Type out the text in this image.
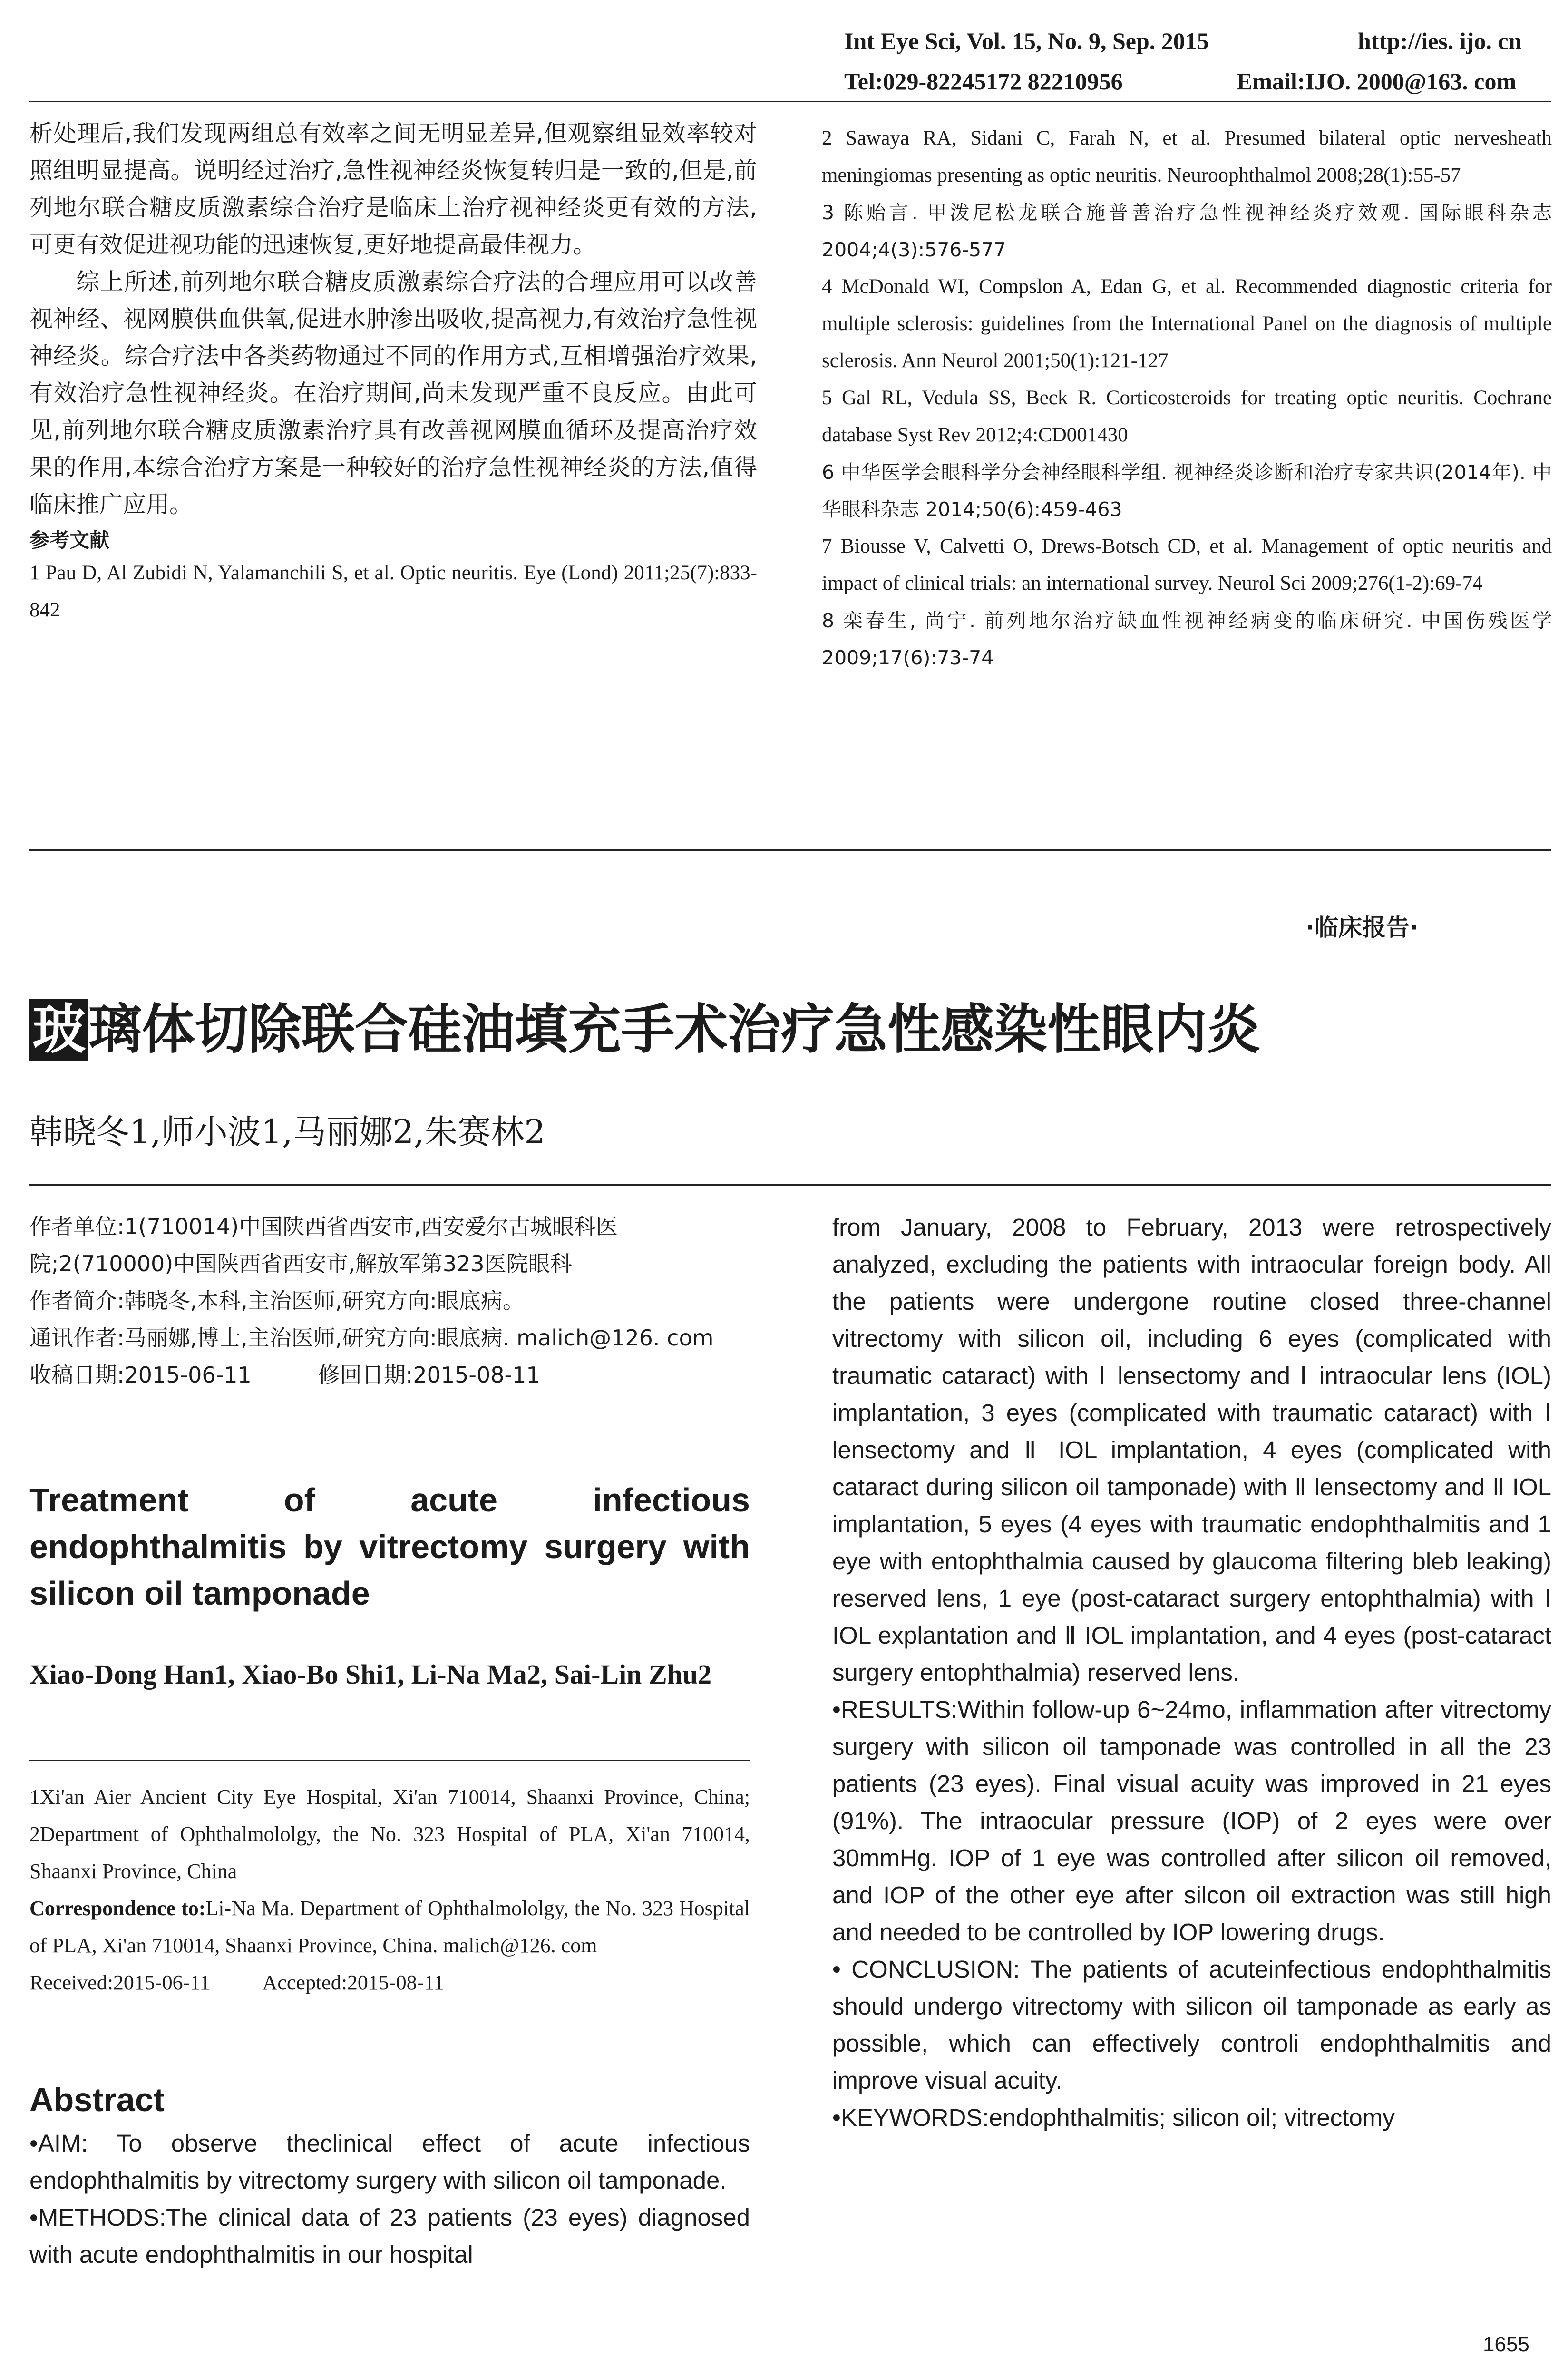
Int Eye Sci, Vol. 15, No. 9, Sep. 2015	http://ies. ijo. cn
Tel:029-82245172 82210956	Email:IJO. 2000@163. com

析处理后,我们发现两组总有效率之间无明显差异,但观察组显效率较对照组明显提高。说明经过治疗,急性视神经炎恢复转归是一致的,但是,前列地尔联合糖皮质激素综合治疗是临床上治疗视神经炎更有效的方法,可更有效促进视功能的迅速恢复,更好地提高最佳视力。

综上所述,前列地尔联合糖皮质激素综合疗法的合理应用可以改善视神经、视网膜供血供氧,促进水肿渗出吸收,提高视力,有效治疗急性视神经炎。综合疗法中各类药物通过不同的作用方式,互相增强治疗效果,有效治疗急性视神经炎。在治疗期间,尚未发现严重不良反应。由此可见,前列地尔联合糖皮质激素治疗具有改善视网膜血循环及提高治疗效果的作用,本综合治疗方案是一种较好的治疗急性视神经炎的方法,值得临床推广应用。

参考文献

1 Pau D, Al Zubidi N, Yalamanchili S, et al. Optic neuritis. Eye (Lond) 2011;25(7):833-842

2 Sawaya RA, Sidani C, Farah N, et al. Presumed bilateral optic nervesheath meningiomas presenting as optic neuritis. Neuroophthalmol 2008;28(1):55-57

3 陈贻言. 甲泼尼松龙联合施普善治疗急性视神经炎疗效观. 国际眼科杂志 2004;4(3):576-577

4 McDonald WI, Compslon A, Edan G, et al. Recommended diagnostic criteria for multiple sclerosis: guidelines from the International Panel on the diagnosis of multiple sclerosis. Ann Neurol 2001;50(1):121-127

5 Gal RL, Vedula SS, Beck R. Corticosteroids for treating optic neuritis. Cochrane database Syst Rev 2012;4:CD001430

6 中华医学会眼科学分会神经眼科学组. 视神经炎诊断和治疗专家共识(2014年). 中华眼科杂志 2014;50(6):459-463

7 Biousse V, Calvetti O, Drews-Botsch CD, et al. Management of optic neuritis and impact of clinical trials: an international survey. Neurol Sci 2009;276(1-2):69-74

8 栾春生, 尚宁. 前列地尔治疗缺血性视神经病变的临床研究. 中国伤残医学 2009;17(6):73-74

·临床报告·
玻璃体切除联合硅油填充手术治疗急性感染性眼内炎
韩晓冬1,师小波1,马丽娜2,朱赛林2

作者单位:1(710014)中国陕西省西安市,西安爱尔古城眼科医院;2(710000)中国陕西省西安市,解放军第323医院眼科

作者简介:韩晓冬,本科,主治医师,研究方向:眼底病。

通讯作者:马丽娜,博士,主治医师,研究方向:眼底病. malich@126. com

收稿日期:2015-06-11	修回日期:2015-08-11

Treatment of acute infectious endophthalmitis by vitrectomy surgery with silicon oil tamponade
Xiao-Dong Han1, Xiao-Bo Shi1, Li-Na Ma2, Sai-Lin Zhu2

1Xi'an Aier Ancient City Eye Hospital, Xi'an 710014, Shaanxi Province, China; 2Department of Ophthalmololgy, the No. 323 Hospital of PLA, Xi'an 710014, Shaanxi Province, China

Correspondence to:Li-Na Ma. Department of Ophthalmololgy, the No. 323 Hospital of PLA, Xi'an 710014, Shaanxi Province, China. malich@126. com

Received:2015-06-11	Accepted:2015-08-11

Abstract

•AIM: To observe theclinical effect of acute infectious endophthalmitis by vitrectomy surgery with silicon oil tamponade.

•METHODS:The clinical data of 23 patients (23 eyes) diagnosed with acute endophthalmitis in our hospital

from January, 2008 to February, 2013 were retrospectively analyzed, excluding the patients with intraocular foreign body. All the patients were undergone routine closed three-channel vitrectomy with silicon oil, including 6 eyes (complicated with traumatic cataract) with Ⅰ lensectomy and Ⅰ intraocular lens (IOL) implantation, 3 eyes (complicated with traumatic cataract) with Ⅰ lensectomy and Ⅱ IOL implantation, 4 eyes (complicated with cataract during silicon oil tamponade) with Ⅱ lensectomy and Ⅱ IOL implantation, 5 eyes (4 eyes with traumatic endophthalmitis and 1 eye with entophthalmia caused by glaucoma filtering bleb leaking) reserved lens, 1 eye (post-cataract surgery entophthalmia) with Ⅰ IOL explantation and Ⅱ IOL implantation, and 4 eyes (post-cataract surgery entophthalmia) reserved lens.

•RESULTS:Within follow-up 6~24mo, inflammation after vitrectomy surgery with silicon oil tamponade was controlled in all the 23 patients (23 eyes). Final visual acuity was improved in 21 eyes (91%). The intraocular pressure (IOP) of 2 eyes were over 30mmHg. IOP of 1 eye was controlled after silicon oil removed, and IOP of the other eye after silcon oil extraction was still high and needed to be controlled by IOP lowering drugs.

• CONCLUSION: The patients of acuteinfectious endophthalmitis should undergo vitrectomy with silicon oil tamponade as early as possible, which can effectively controli endophthalmitis and improve visual acuity.

•KEYWORDS:endophthalmitis; silicon oil; vitrectomy

1655
